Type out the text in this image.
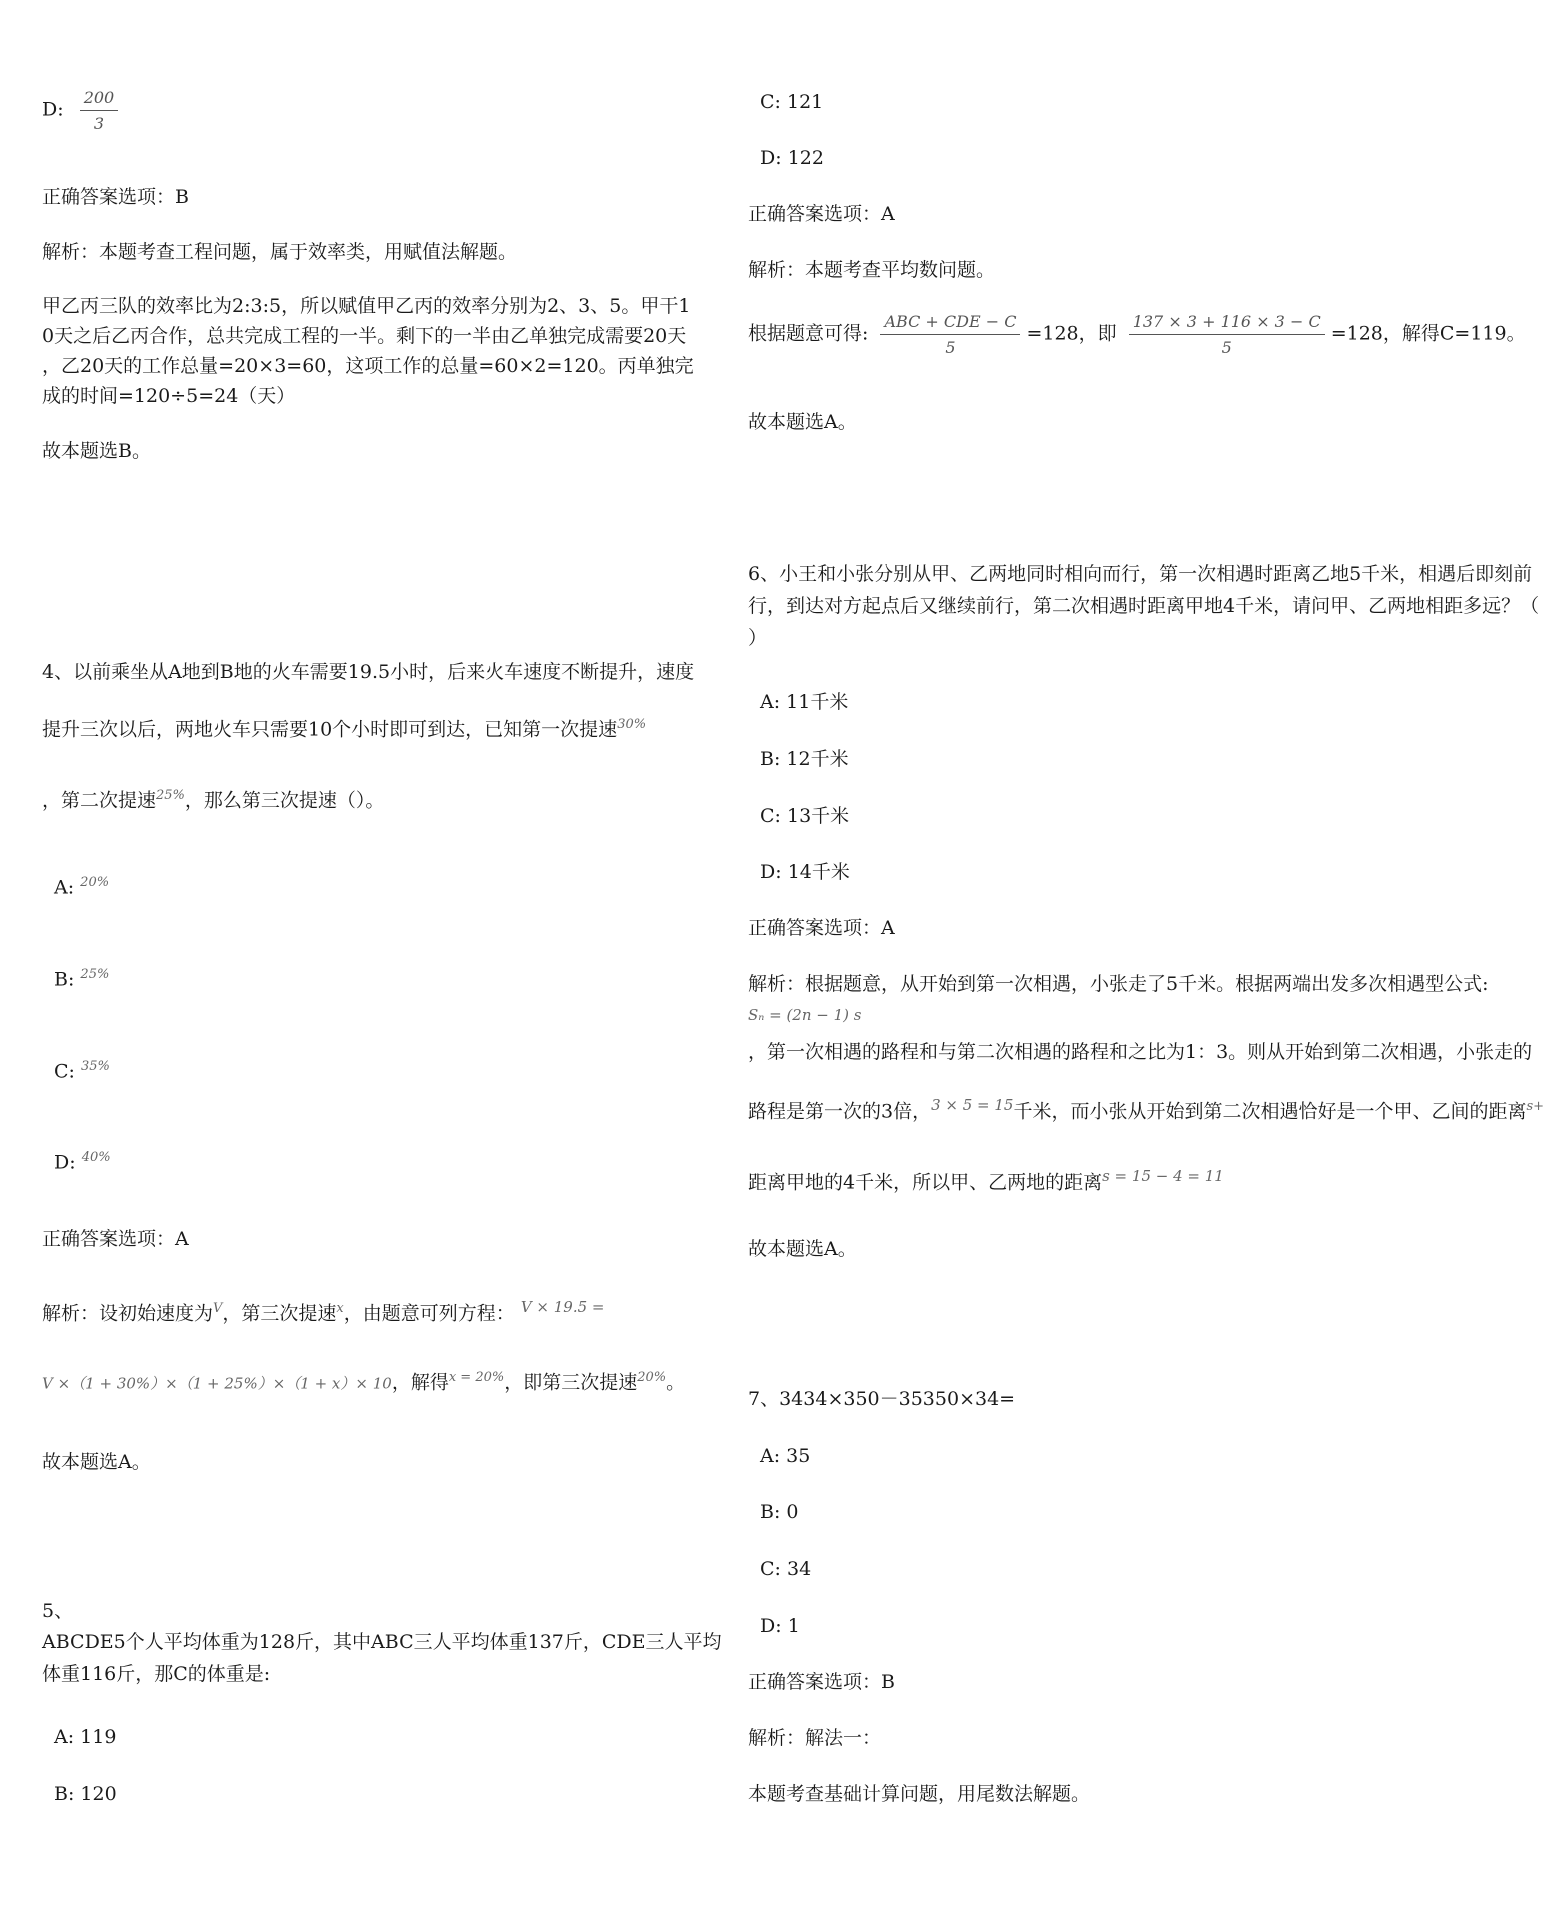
D: $\frac{200}{3}$
正确答案选项：B
解析：本题考查工程问题，属于效率类，用赋值法解题。
甲乙丙三队的效率比为2:3:5，所以赋值甲乙丙的效率分别为2、3、5。甲干1
0天之后乙丙合作，总共完成工程的一半。剩下的一半由乙单独完成需要20天
，乙20天的工作总量=20×3=60，这项工作的总量=60×2=120。丙单独完
成的时间=120÷5=24（天）
故本题选B。
4、以前乘坐从A地到B地的火车需要19.5小时，后来火车速度不断提升，速度
提升三次以后，两地火车只需要10个小时即可到达，已知第一次提速$^{30\%}$
，第二次提速$^{25\%}$，那么第三次提速（）。
A: $^{20\%}$
B: $^{25\%}$
C: $^{35\%}$
D: $^{40\%}$
正确答案选项：A
解析：设初始速度为$^V$，第三次提速$^x$，由题意可列方程： $^{V \times 19.5 =}$
V ×（1 + 30%）×（1 + 25%）×（1 + x）× 10，解得$^{x = 20\%}$，即第三次提速$^{20\%}$。
故本题选A。
5、
ABCDE5个人平均体重为128斤，其中ABC三人平均体重137斤，CDE三人平均
体重116斤，那C的体重是:
A: 119
B: 120
C: 121
D: 122
正确答案选项：A
解析：本题考查平均数问题。
根据题意可得: $\frac{\text{ABC + CDE − C}}{5} =128$，即 $\frac{137 \times 3 + 116 \times 3 - C}{5} =128$，解得C=119。
故本题选A。
6、小王和小张分别从甲、乙两地同时相向而行，第一次相遇时距离乙地5千米，相遇后即刻前
行，到达对方起点后又继续前行，第二次相遇时距离甲地4千米，请问甲、乙两地相距多远？（
）
A: 11千米
B: 12千米
C: 13千米
D: 14千米
正确答案选项：A
解析：根据题意，从开始到第一次相遇，小张走了5千米。根据两端出发多次相遇型公式:
Sₙ = (2n − 1) s
，第一次相遇的路程和与第二次相遇的路程和之比为1：3。则从开始到第二次相遇，小张走的
路程是第一次的3倍，$^{3 \times 5 = 15}$千米，而小张从开始到第二次相遇恰好是一个甲、乙间的距离$^{s+}$
距离甲地的4千米，所以甲、乙两地的距离$^{s = 15 - 4 = 11}$
故本题选A。
7、3434×350－35350×34=
A: 35
B: 0
C: 34
D: 1
正确答案选项：B
解析：解法一：
本题考查基础计算问题，用尾数法解题。
